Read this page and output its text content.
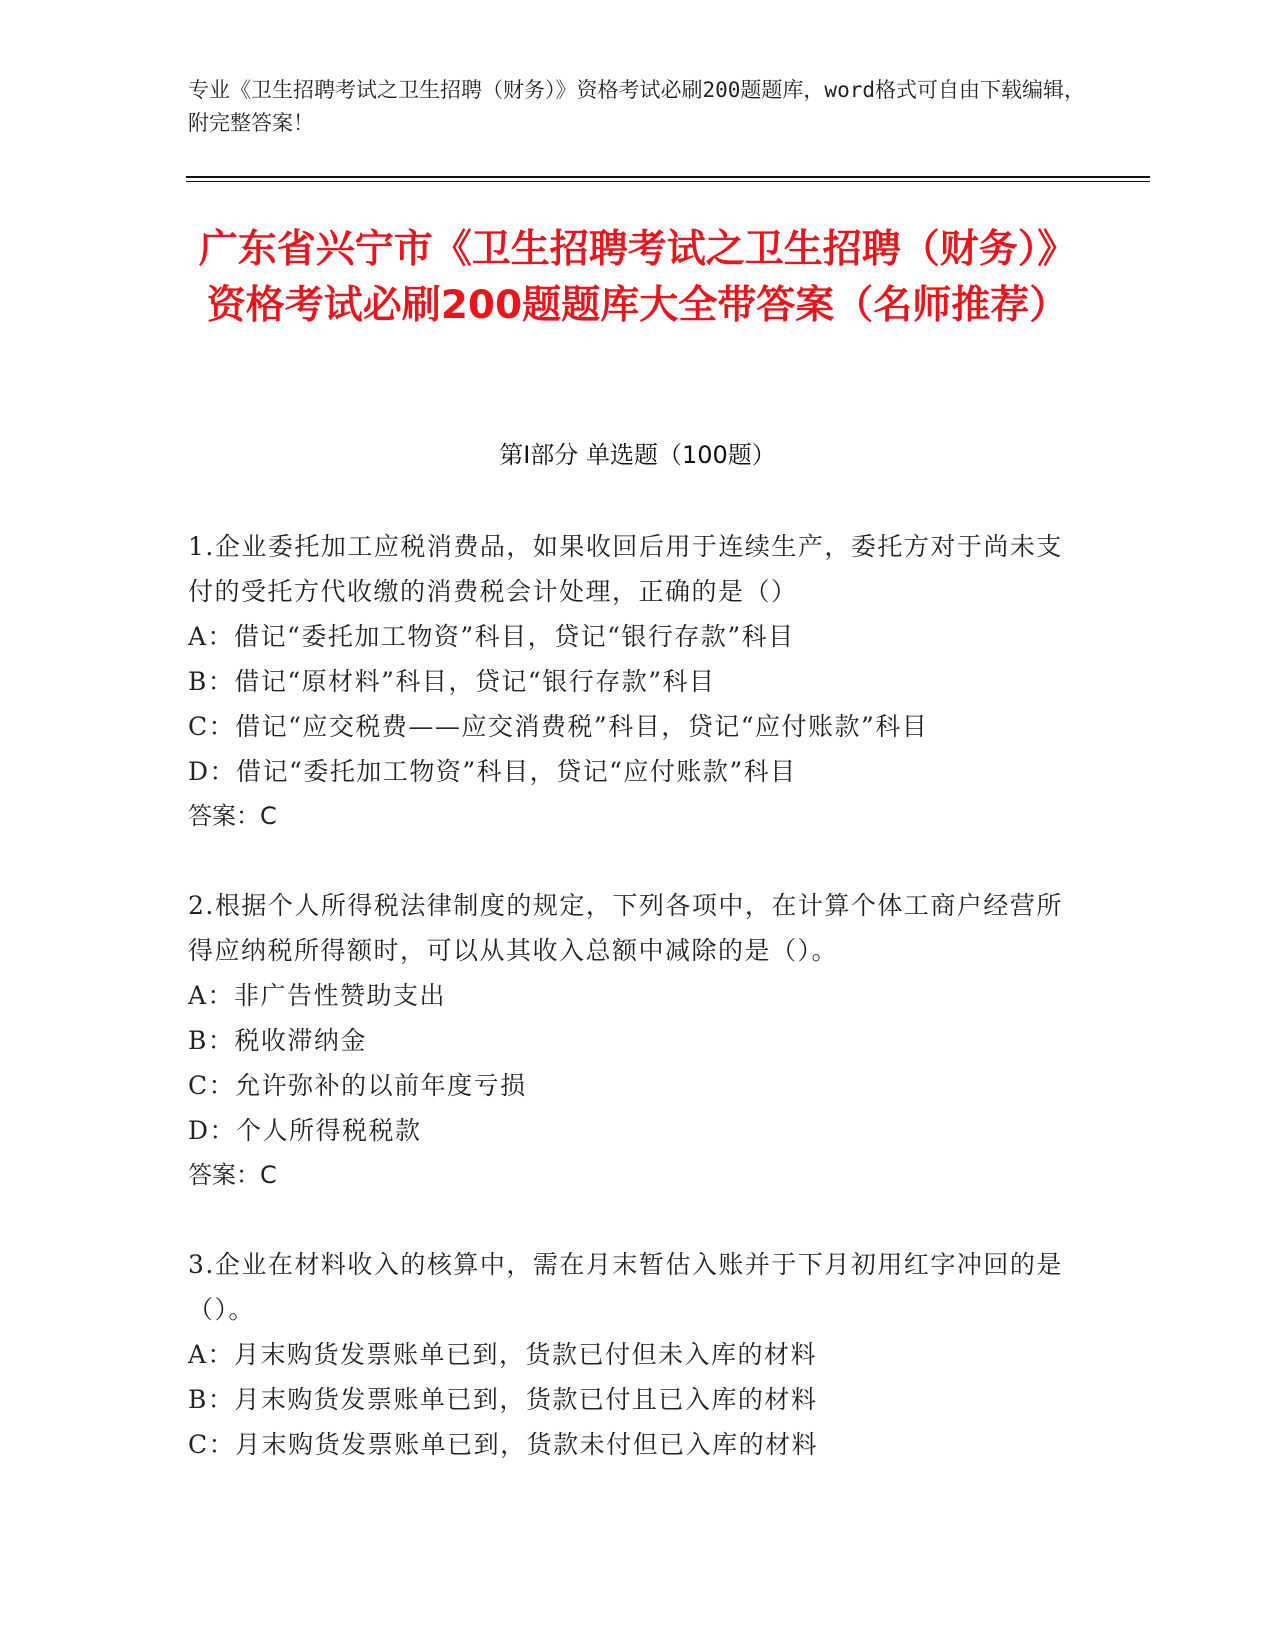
专业《卫生招聘考试之卫生招聘（财务）》资格考试必刷200题题库，word格式可自由下载编辑，附完整答案！
广东省兴宁市《卫生招聘考试之卫生招聘（财务）》资格考试必刷200题题库大全带答案（名师推荐）
第Ⅰ部分 单选题（100题）
1.企业委托加工应税消费品，如果收回后用于连续生产，委托方对于尚未支付的受托方代收缴的消费税会计处理，正确的是（）
A：借记“委托加工物资”科目，贷记“银行存款”科目
B：借记“原材料”科目，贷记“银行存款”科目
C：借记“应交税费——应交消费税”科目，贷记“应付账款”科目
D：借记“委托加工物资”科目，贷记“应付账款”科目
答案：C
2.根据个人所得税法律制度的规定，下列各项中，在计算个体工商户经营所得应纳税所得额时，可以从其收入总额中减除的是（）。
A：非广告性赞助支出
B：税收滞纳金
C：允许弥补的以前年度亏损
D：个人所得税税款
答案：C
3.企业在材料收入的核算中，需在月末暂估入账并于下月初用红字冲回的是（）。
A：月末购货发票账单已到，货款已付但未入库的材料
B：月末购货发票账单已到，货款已付且已入库的材料
C：月末购货发票账单已到，货款未付但已入库的材料
